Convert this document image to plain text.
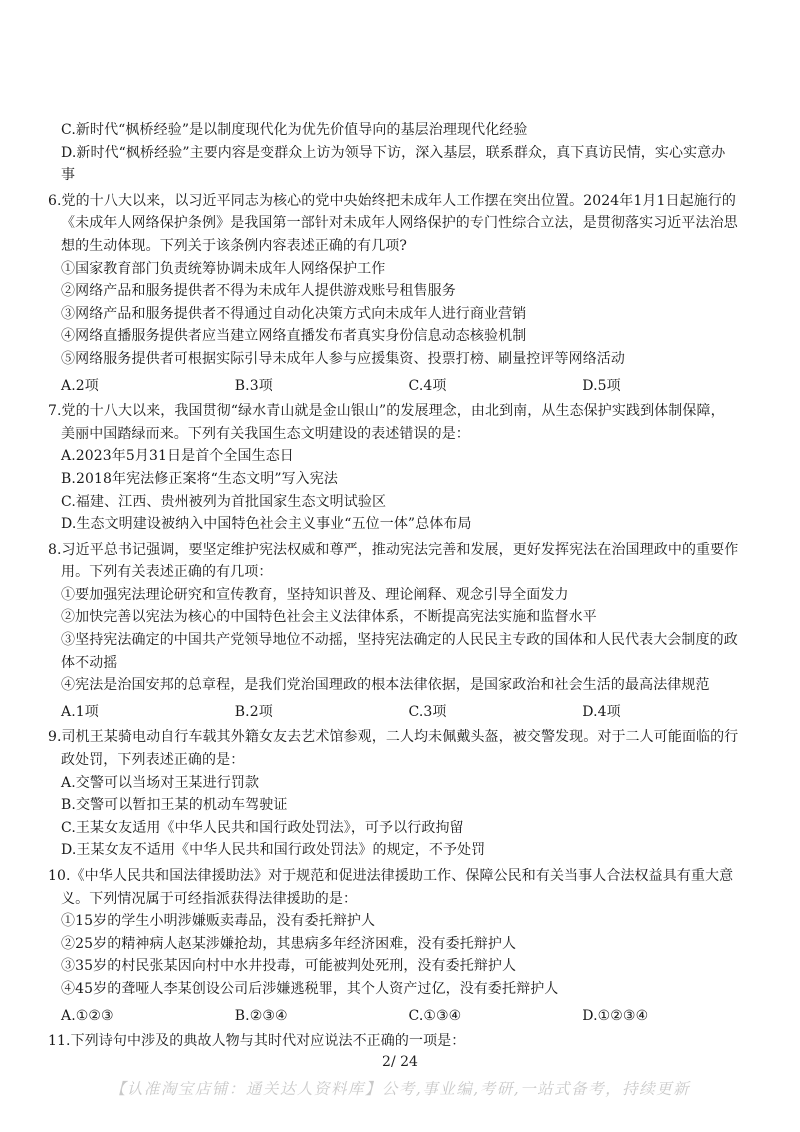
C.新时代“枫桥经验”是以制度现代化为优先价值导向的基层治理现代化经验
D.新时代“枫桥经验”主要内容是变群众上访为领导下访，深入基层，联系群众，真下真访民情，实心实意办
事
6.党的十八大以来，以习近平同志为核心的党中央始终把未成年人工作摆在突出位置。2024年1月1日起施行的
《未成年人网络保护条例》是我国第一部针对未成年人网络保护的专门性综合立法，是贯彻落实习近平法治思
想的生动体现。下列关于该条例内容表述正确的有几项?
①国家教育部门负责统筹协调未成年人网络保护工作
②网络产品和服务提供者不得为未成年人提供游戏账号租售服务
③网络产品和服务提供者不得通过自动化决策方式向未成年人进行商业营销
④网络直播服务提供者应当建立网络直播发布者真实身份信息动态核验机制
⑤网络服务提供者可根据实际引导未成年人参与应援集资、投票打榜、刷量控评等网络活动
A.2项	B.3项	C.4项	D.5项
7.党的十八大以来，我国贯彻“绿水青山就是金山银山”的发展理念，由北到南，从生态保护实践到体制保障，
美丽中国踏绿而来。下列有关我国生态文明建设的表述错误的是：
A.2023年5月31日是首个全国生态日
B.2018年宪法修正案将“生态文明”写入宪法
C.福建、江西、贵州被列为首批国家生态文明试验区
D.生态文明建设被纳入中国特色社会主义事业“五位一体”总体布局
8.习近平总书记强调，要坚定维护宪法权威和尊严，推动宪法完善和发展，更好发挥宪法在治国理政中的重要作
用。下列有关表述正确的有几项：
①要加强宪法理论研究和宣传教育，坚持知识普及、理论阐释、观念引导全面发力
②加快完善以宪法为核心的中国特色社会主义法律体系，不断提高宪法实施和监督水平
③坚持宪法确定的中国共产党领导地位不动摇，坚持宪法确定的人民民主专政的国体和人民代表大会制度的政
体不动摇
④宪法是治国安邦的总章程，是我们党治国理政的根本法律依据，是国家政治和社会生活的最高法律规范
A.1项	B.2项	C.3项	D.4项
9.司机王某骑电动自行车载其外籍女友去艺术馆参观，二人均未佩戴头盔，被交警发现。对于二人可能面临的行
政处罚，下列表述正确的是：
A.交警可以当场对王某进行罚款
B.交警可以暂扣王某的机动车驾驶证
C.王某女友适用《中华人民共和国行政处罚法》，可予以行政拘留
D.王某女友不适用《中华人民共和国行政处罚法》的规定，不予处罚
10.《中华人民共和国法律援助法》对于规范和促进法律援助工作、保障公民和有关当事人合法权益具有重大意
义。下列情况属于可经指派获得法律援助的是：
①15岁的学生小明涉嫌贩卖毒品，没有委托辩护人
②25岁的精神病人赵某涉嫌抢劫，其患病多年经济困难，没有委托辩护人
③35岁的村民张某因向村中水井投毒，可能被判处死刑，没有委托辩护人
④45岁的聋哑人李某创设公司后涉嫌逃税罪，其个人资产过亿，没有委托辩护人
A.①②③	B.②③④	C.①③④	D.①②③④
11.下列诗句中涉及的典故人物与其时代对应说法不正确的一项是：
2/ 24
【认准淘宝店铺：通关达人资料库】公考,事业编,考研,一站式备考，持续更新
